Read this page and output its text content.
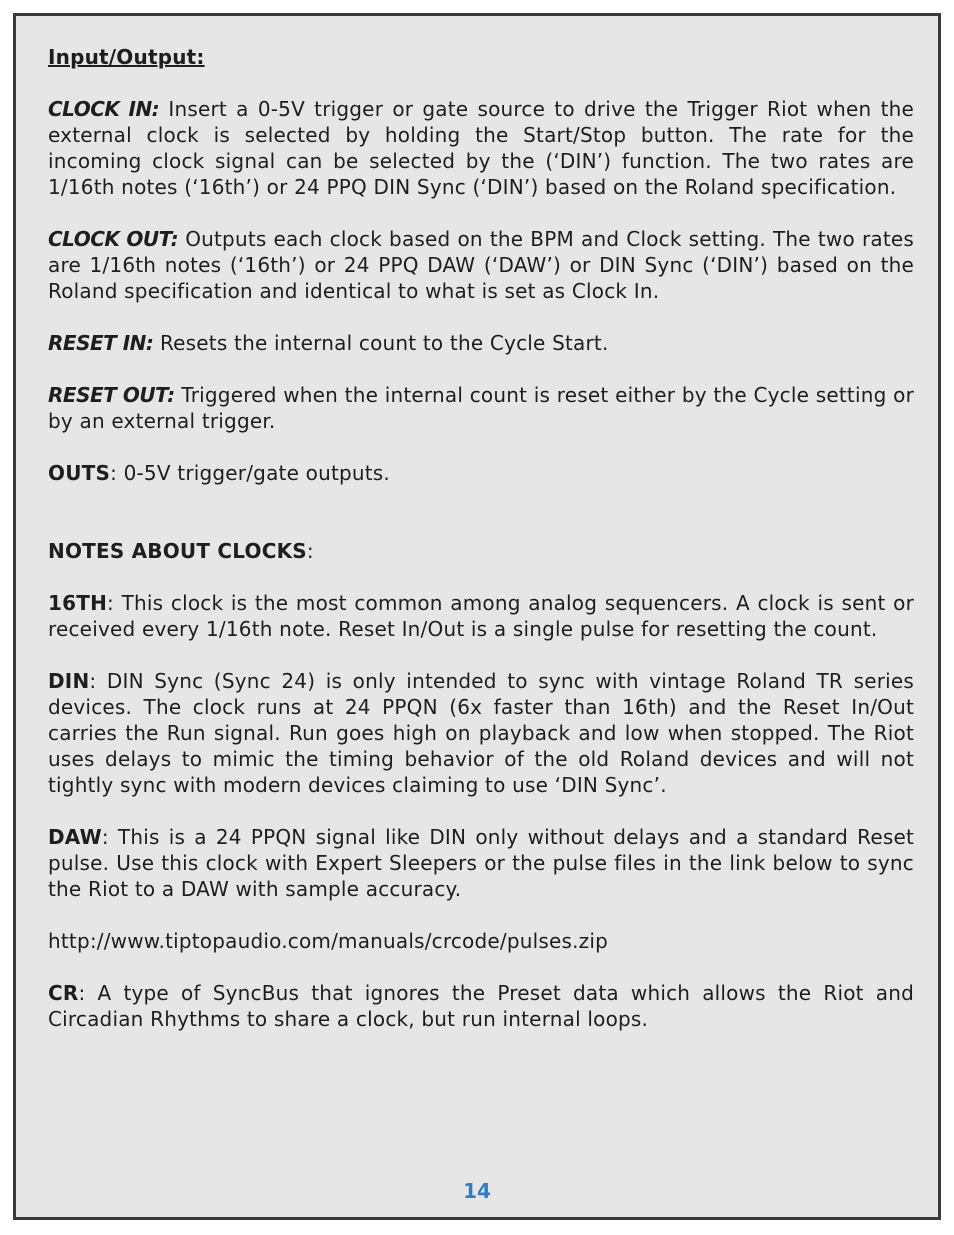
Input/Output:

CLOCK IN: Insert a 0-5V trigger or gate source to drive the Trigger Riot when the external clock is selected by holding the Start/Stop button. The rate for the incoming clock signal can be selected by the (‘DIN’) function. The two rates are 1/16th notes (‘16th’) or 24 PPQ DIN Sync (‘DIN’) based on the Roland specification.

CLOCK OUT: Outputs each clock based on the BPM and Clock setting. The two rates are 1/16th notes (‘16th’) or 24 PPQ DAW (‘DAW’) or DIN Sync (‘DIN’) based on the Roland specification and identical to what is set as Clock In.

RESET IN: Resets the internal count to the Cycle Start.

RESET OUT: Triggered when the internal count is reset either by the Cycle setting or by an external trigger.

OUTS: 0-5V trigger/gate outputs.

NOTES ABOUT CLOCKS:

16TH: This clock is the most common among analog sequencers. A clock is sent or received every 1/16th note. Reset In/Out is a single pulse for resetting the count.

DIN: DIN Sync (Sync 24) is only intended to sync with vintage Roland TR series devices. The clock runs at 24 PPQN (6x faster than 16th) and the Reset In/Out carries the Run signal. Run goes high on playback and low when stopped. The Riot uses delays to mimic the timing behavior of the old Roland devices and will not tightly sync with modern devices claiming to use ‘DIN Sync’.

DAW: This is a 24 PPQN signal like DIN only without delays and a standard Reset pulse. Use this clock with Expert Sleepers or the pulse files in the link below to sync the Riot to a DAW with sample accuracy.

http://www.tiptopaudio.com/manuals/crcode/pulses.zip

CR: A type of SyncBus that ignores the Preset data which allows the Riot and Circadian Rhythms to share a clock, but run internal loops.

14
